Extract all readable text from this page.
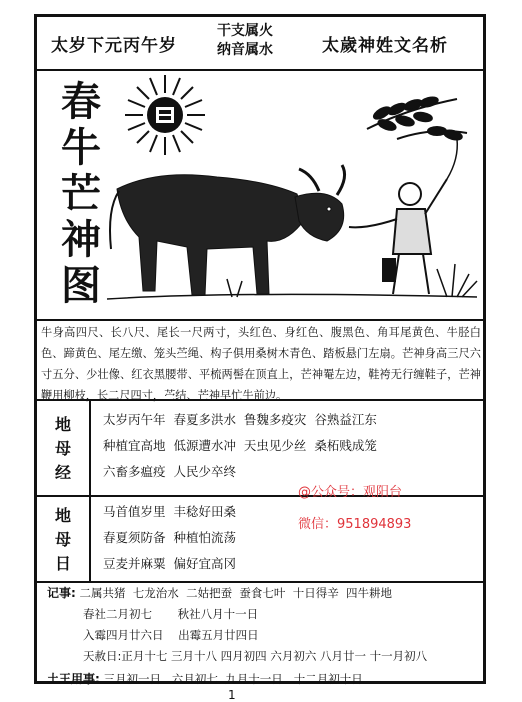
太岁下元丙午岁
干支属火
纳音属水	太歲神姓文名析
春
牛
芒
神
图
牛身高四尺、长八尺、尾长一尺两寸，头红色、身红色、腹黑色、角耳尾黄色、牛胫白色、蹄黄色、尾左缴、笼头苎绳、构子俱用桑树木青色、踏板悬门左扇。芒神身高三尺六寸五分、少壮像、红衣黑腰带、平梳两髻在顶直上，芒神罨左边，鞋袴无行缠鞋子，芒神鞭用柳枝，长二尺四寸，苎结、芒神早忙牛前边。
地
母
经
太岁丙午年  春夏多洪水  鲁魏多疫灾  谷熟益江东
种植宜高地  低源遭水冲  天虫见少丝  桑柘贱成笼
六畜多瘟疫  人民少卒终
地
母
日
马首值岁里  丰稔好田桑
春夏须防备  种植怕流荡
豆麦并麻粟  偏好宜高冈
记事: 二属共猪  七龙治水  二姑把蚕  蚕食七叶  十日得辛  四牛耕地
春社二月初七       秋社八月十一日
入霉四月廿六日    出霉五月廿四日
天赦日:正月十七 三月十八 四月初四 六月初六 八月廿一 十一月初八
土王用事: 三月初一日   六月初七  九月十一日   十二月初十日
@公众号：观阳台
微信：951894893
1
